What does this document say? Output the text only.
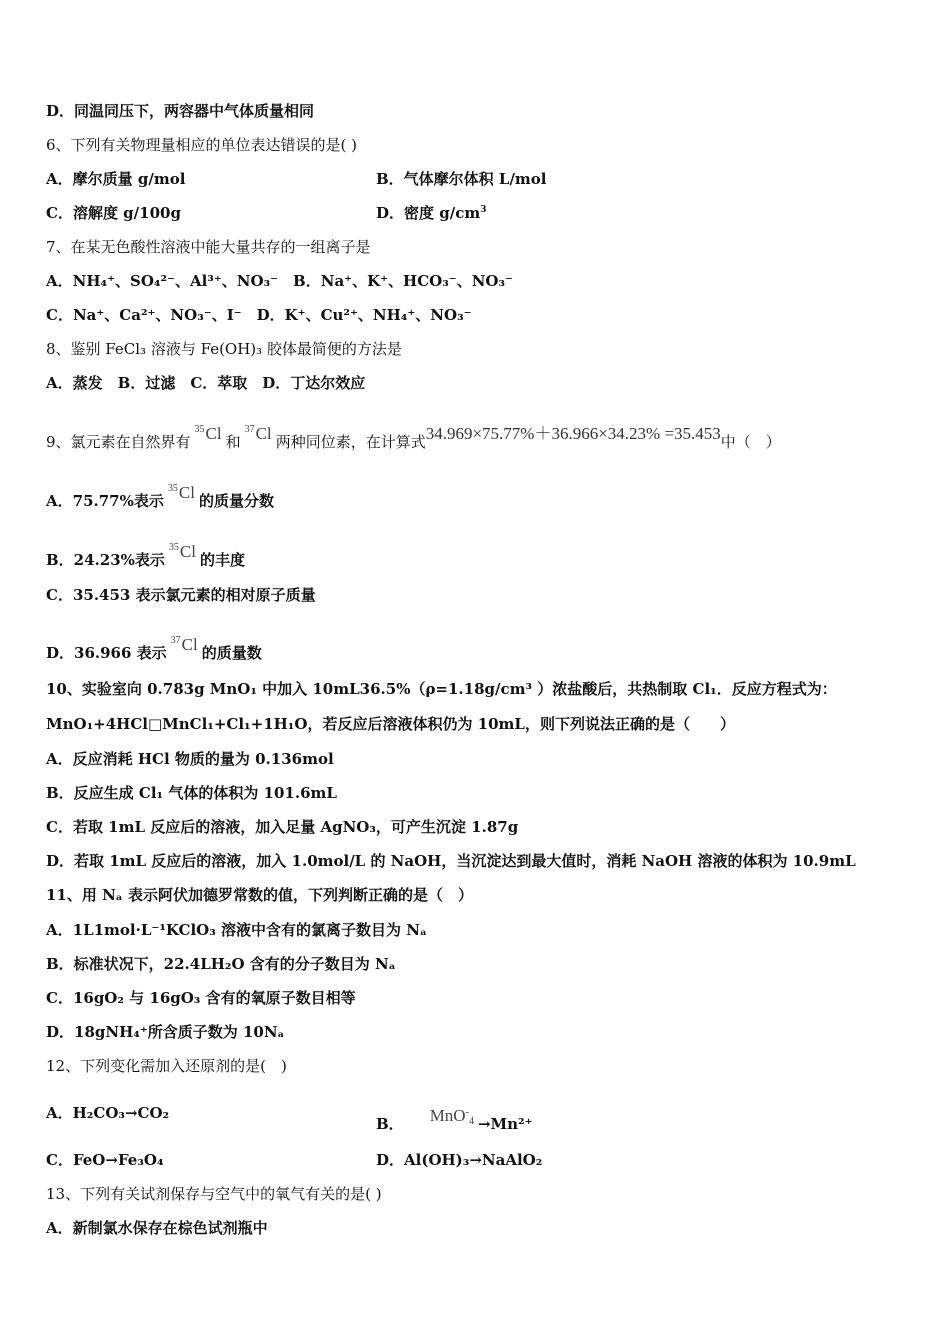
D．同温同压下，两容器中气体质量相同
6、下列有关物理量相应的单位表达错误的是( )
A．摩尔质量 g/mol	B．气体摩尔体积 L/mol
C．溶解度 g/100g	D．密度 $g/cm^3$
7、在某无色酸性溶液中能大量共存的一组离子是
A．NH₄⁺、SO₄²⁻、Al³⁺、NO₃⁻　B．Na⁺、K⁺、HCO₃⁻、NO₃⁻
C．Na⁺、Ca²⁺、NO₃⁻、I⁻　D．K⁺、Cu²⁺、NH₄⁺、NO₃⁻
8、鉴别 FeCl₃ 溶液与 Fe(OH)₃ 胶体最简便的方法是
A．蒸发　B．过滤　C．萃取　D．丁达尔效应
9、氯元素在自然界有$^{35}$Cl 和$^{37}$Cl 两种同位素，在计算式34.969×75.77%＋36.966×34.23% =35.453中（　）
A．75.77%表示$^{35}$Cl 的质量分数
B．24.23%表示$^{35}$Cl 的丰度
C．35.453 表示氯元素的相对原子质量
D．36.966 表示$^{37}$Cl 的质量数
10、实验室向 0.783g MnO₁ 中加入 10mL36.5%（ρ=1.18g/cm³ ）浓盐酸后，共热制取 Cl₁．反应方程式为：
MnO₁+4HCl⁠□MnCl₁+Cl₁+1H₁O，若反应后溶液体积仍为 10mL，则下列说法正确的是（　　）
A．反应消耗 HCl 物质的量为 0.136mol
B．反应生成 Cl₁ 气体的体积为 101.6mL
C．若取 1mL 反应后的溶液，加入足量 AgNO₃，可产生沉淀 1.87g
D．若取 1mL 反应后的溶液，加入 1.0mol/L 的 NaOH，当沉淀达到最大值时，消耗 NaOH 溶液的体积为 10.9mL
11、用 Nₐ 表示阿伏加德罗常数的值，下列判断正确的是（　）
A．1L1mol·L⁻¹KClO₃ 溶液中含有的氯离子数目为 Nₐ
B．标准状况下，22.4LH₂O 含有的分子数目为 Nₐ
C．16gO₂ 与 16gO₃ 含有的氧原子数目相等
D．18gNH₄⁺所含质子数为 10Nₐ
12、下列变化需加入还原剂的是(　)
A．H₂CO₃→CO₂
B． MnO-4 →Mn²⁺
C．FeO→Fe₃O₄	D．Al(OH)₃→NaAlO₂
13、下列有关试剂保存与空气中的氧气有关的是( )
A．新制氯水保存在棕色试剂瓶中
